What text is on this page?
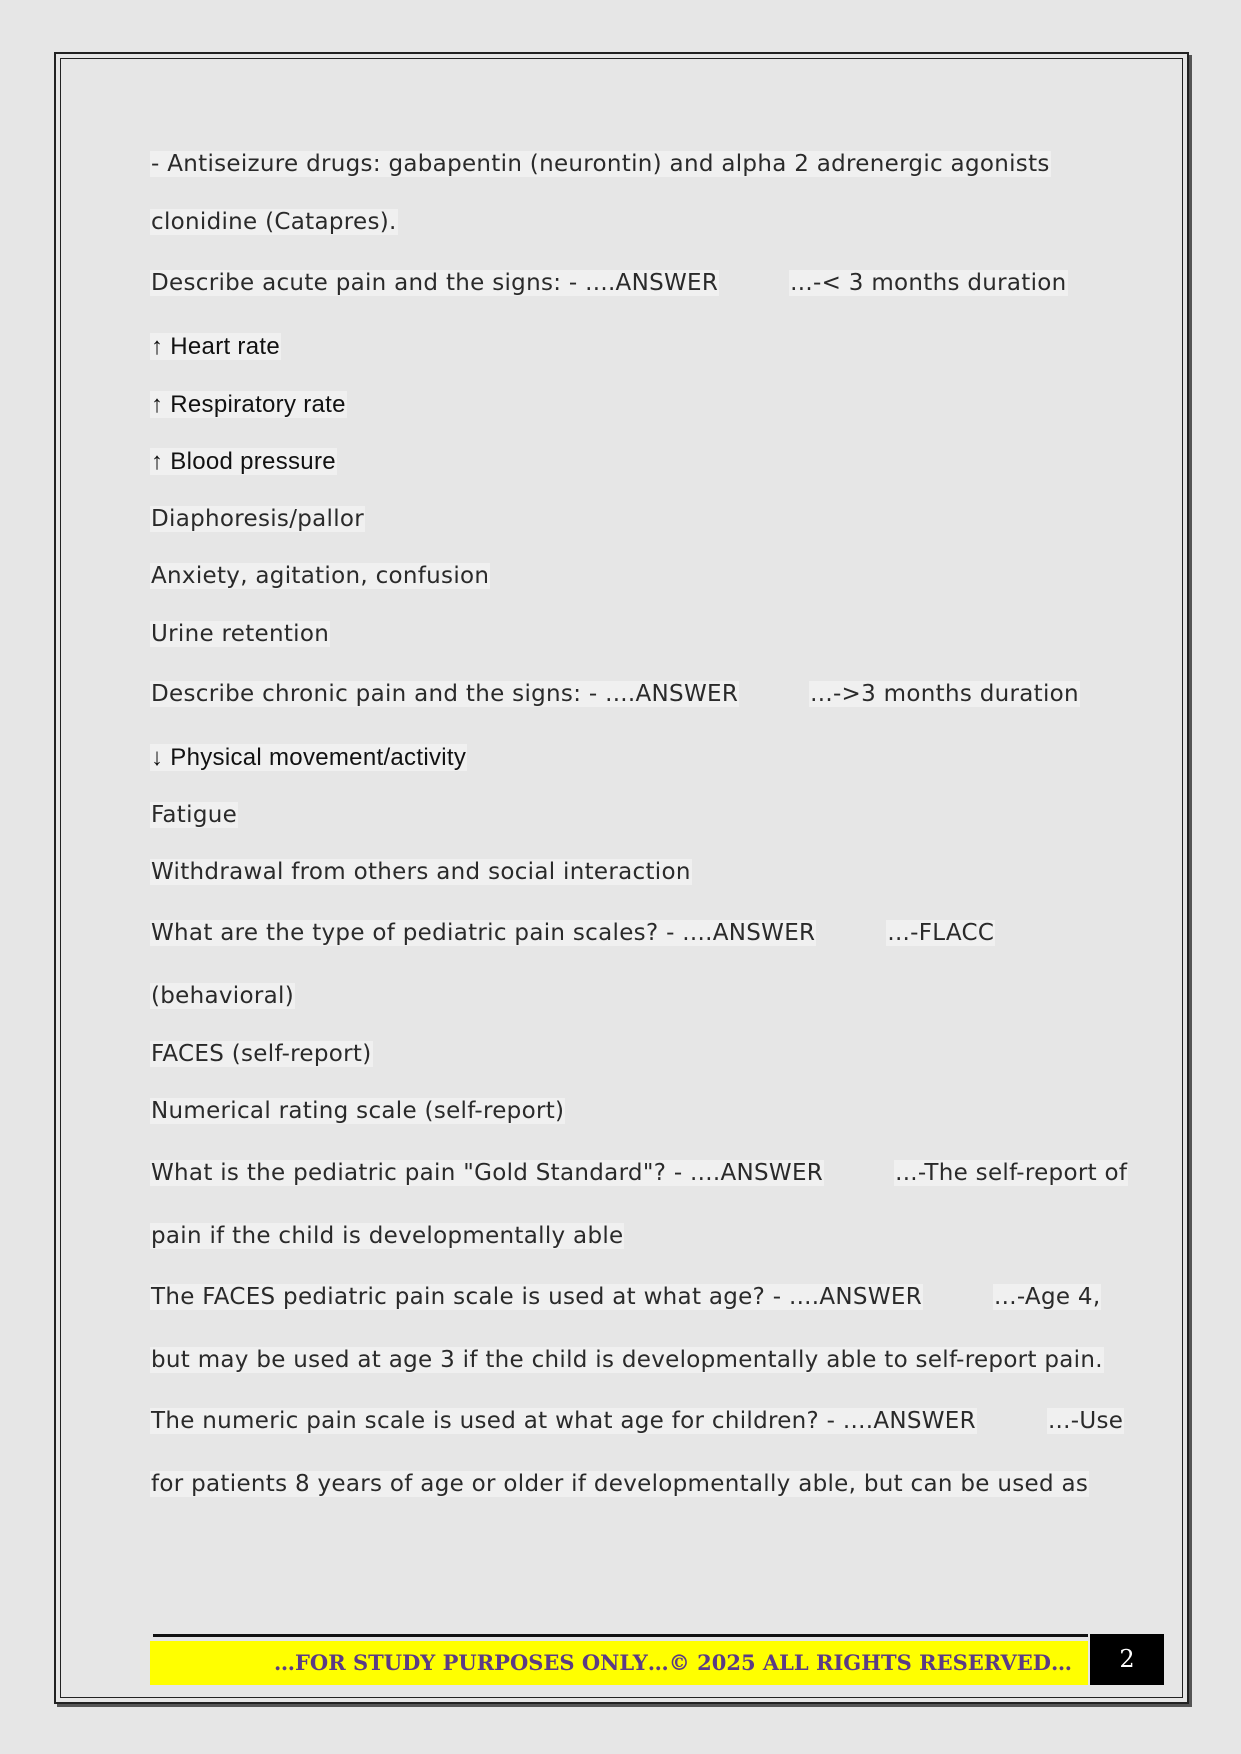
- Antiseizure drugs: gabapentin (neurontin) and alpha 2 adrenergic agonists
clonidine (Catapres).
Describe acute pain and the signs: - ....ANSWER	...-< 3 months duration
↑ Heart rate
↑ Respiratory rate
↑ Blood pressure
Diaphoresis/pallor
Anxiety, agitation, confusion
Urine retention
Describe chronic pain and the signs: - ....ANSWER	...->3 months duration
↓ Physical movement/activity
Fatigue
Withdrawal from others and social interaction
What are the type of pediatric pain scales? - ....ANSWER	...-FLACC
(behavioral)
FACES (self-report)
Numerical rating scale (self-report)
What is the pediatric pain "Gold Standard"? - ....ANSWER	...-The self-report of
pain if the child is developmentally able
The FACES pediatric pain scale is used at what age? - ....ANSWER	...-Age 4,
but may be used at age 3 if the child is developmentally able to self-report pain.
The numeric pain scale is used at what age for children? - ....ANSWER	...-Use
for patients 8 years of age or older if developmentally able, but can be used as
…FOR STUDY PURPOSES ONLY…© 2025 ALL RIGHTS RESERVED…	2
